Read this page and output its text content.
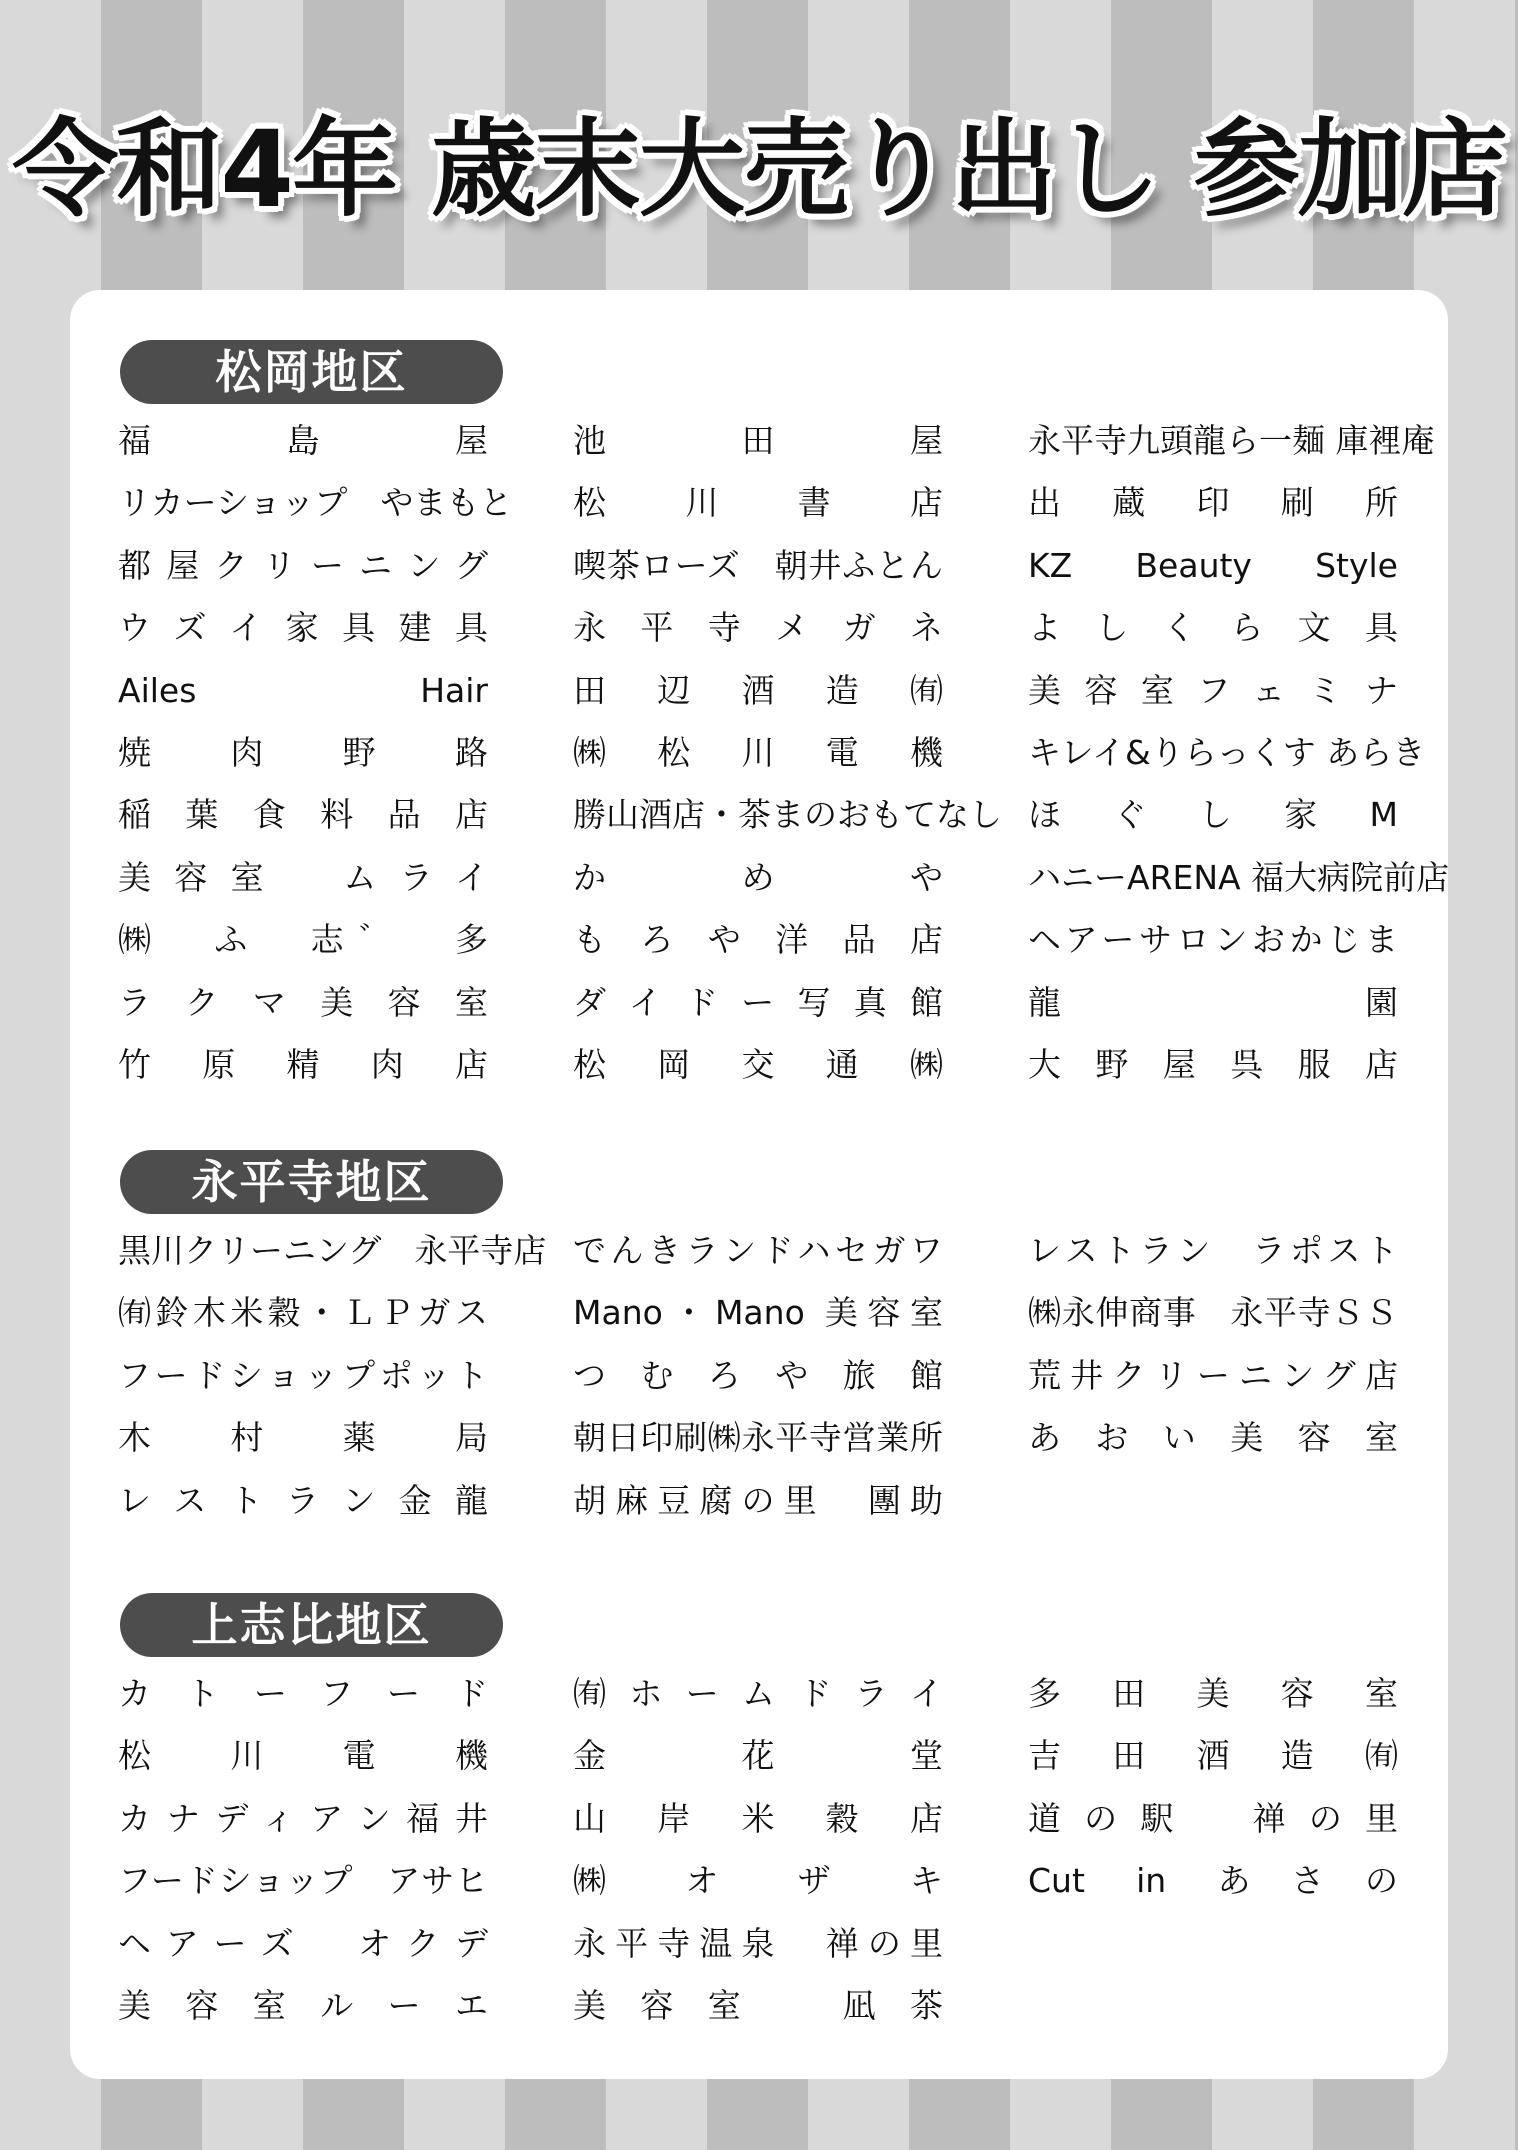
令和4年 歳末大売り出し 参加店
松岡地区
福　島　屋
リカーショップ　やまもと
都屋クリーニング
ウズイ家具建具
Ailes Hair
焼　肉　野　路
稲葉食料品店
美容室　ムライ
㈱　ふ　志゛　多
ラクマ美容室
竹原精肉店
池　田　屋
松　川　書　店
喫茶ローズ　朝井ふとん
永平寺メガネ
田辺酒造㈲
㈱松川電機
勝山酒店・茶まのおもてなし
か　め　や
もろや洋品店
ダイドー写真館
松岡交通㈱
永平寺九頭龍ら一麺 庫裡庵
出　蔵　印　刷　所
KZ Beauty Style
よしくら文具
美容室フェミナ
キレイ&りらっくす あらき
ほ　ぐ　し　家　M
ハニーARENA 福大病院前店
ヘアーサロンおかじま
龍　園
大野屋呉服店
永平寺地区
黒川クリーニング　永平寺店
㈲鈴木米穀・ＬＰガス
フードショップポット
木　村　薬　局
レストラン金龍
でんきランドハセガワ
Mano・Mano 美容室
つむろや旅館
朝日印刷㈱永平寺営業所
胡麻豆腐の里　團助
レストラン　ラポスト
㈱永伸商事　永平寺ＳＳ
荒井クリーニング店
あおい美容室
上志比地区
カトーフード
松　川　電　機
カナディアン福井
フードショップ　アサヒ
ヘアーズ　オクデ
美容室ルーエ
㈲ホームドライ
金　花　堂
山岸米穀店
㈱　オ　ザ　キ
永平寺温泉　禅の里
美容室　凪茶
多田美容室
吉田酒造㈲
道の駅　禅の里
Cut in あさの
